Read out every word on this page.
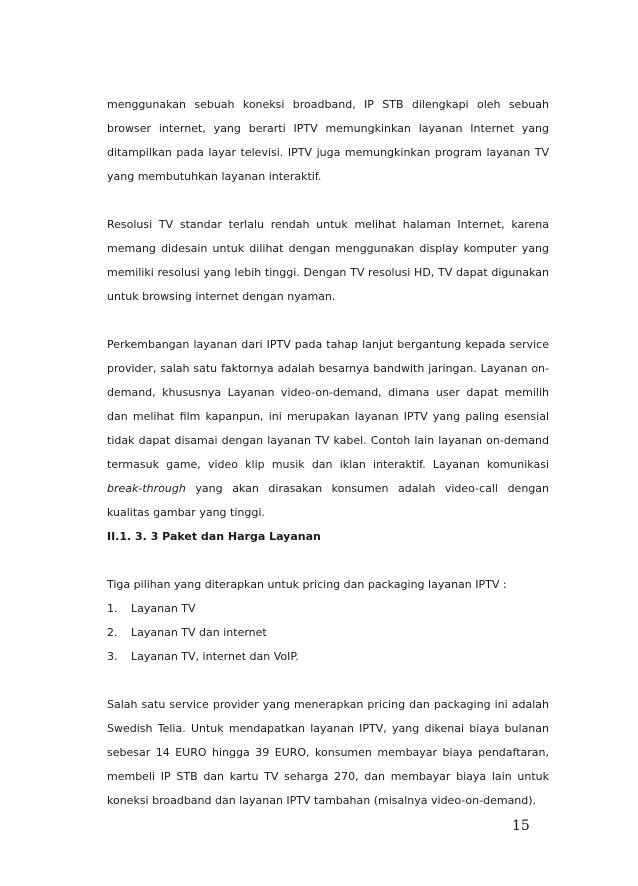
menggunakan sebuah koneksi broadband, IP STB dilengkapi oleh sebuah browser internet, yang berarti IPTV memungkinkan layanan Internet yang ditampilkan pada layar televisi. IPTV juga memungkinkan program layanan TV yang membutuhkan layanan interaktif.

Resolusi TV standar terlalu rendah untuk melihat halaman Internet, karena memang didesain untuk dilihat dengan menggunakan display komputer yang memiliki resolusi yang lebih tinggi. Dengan TV resolusi HD, TV dapat digunakan untuk browsing internet dengan nyaman.

Perkembangan layanan dari IPTV pada tahap lanjut bergantung kepada service provider, salah satu faktornya adalah besarnya bandwith jaringan. Layanan on-demand, khususnya Layanan video-on-demand, dimana user dapat memilih dan melihat film kapanpun, ini merupakan layanan IPTV yang paling esensial tidak dapat disamai dengan layanan TV kabel. Contoh lain layanan on-demand termasuk game, video klip musik dan iklan interaktif. Layanan komunikasi break-through yang akan dirasakan konsumen adalah video-call dengan kualitas gambar yang tinggi.

II.1. 3. 3 Paket dan Harga Layanan

Tiga pilihan yang diterapkan untuk pricing dan packaging layanan IPTV :

1.	Layanan TV
2.	Layanan TV dan internet
3.	Layanan TV, internet dan VoIP.

Salah satu service provider yang menerapkan pricing dan packaging ini adalah Swedish Telia. Untuk mendapatkan layanan IPTV, yang dikenai biaya bulanan sebesar 14 EURO hingga 39 EURO, konsumen membayar biaya pendaftaran, membeli IP STB dan kartu TV seharga 270, dan membayar biaya lain untuk koneksi broadband dan layanan IPTV tambahan (misalnya video-on-demand).

15
